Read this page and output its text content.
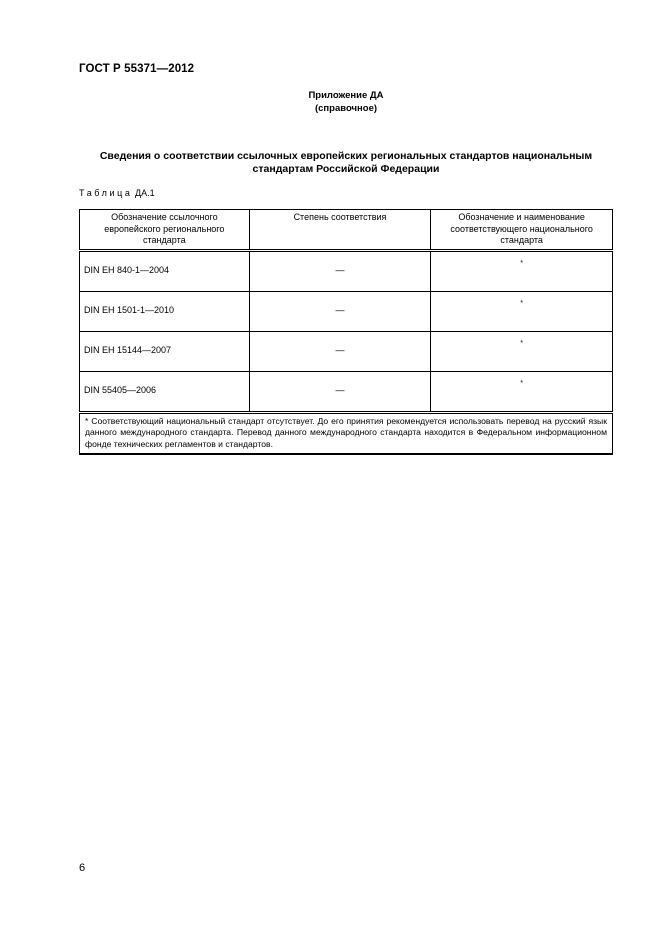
ГОСТ Р 55371—2012
Приложение ДА
(справочное)
Сведения о соответствии ссылочных европейских региональных стандартов национальным
стандартам Российской Федерации
Таблица ДА.1
Обозначение ссылочного европейского регионального стандарта	Степень соответствия	Обозначение и наименование соответствующего национального стандарта
DIN EH 840-1—2004	—	*
DIN EH 1501-1—2010	—	*
DIN EH 15144—2007	—	*
DIN 55405—2006	—	*
* Соответствующий национальный стандарт отсутствует. До его принятия рекомендуется использовать перевод на русский язык данного международного стандарта. Перевод данного международного стандарта находится в Федеральном информационном фонде технических регламентов и стандартов.		
6
